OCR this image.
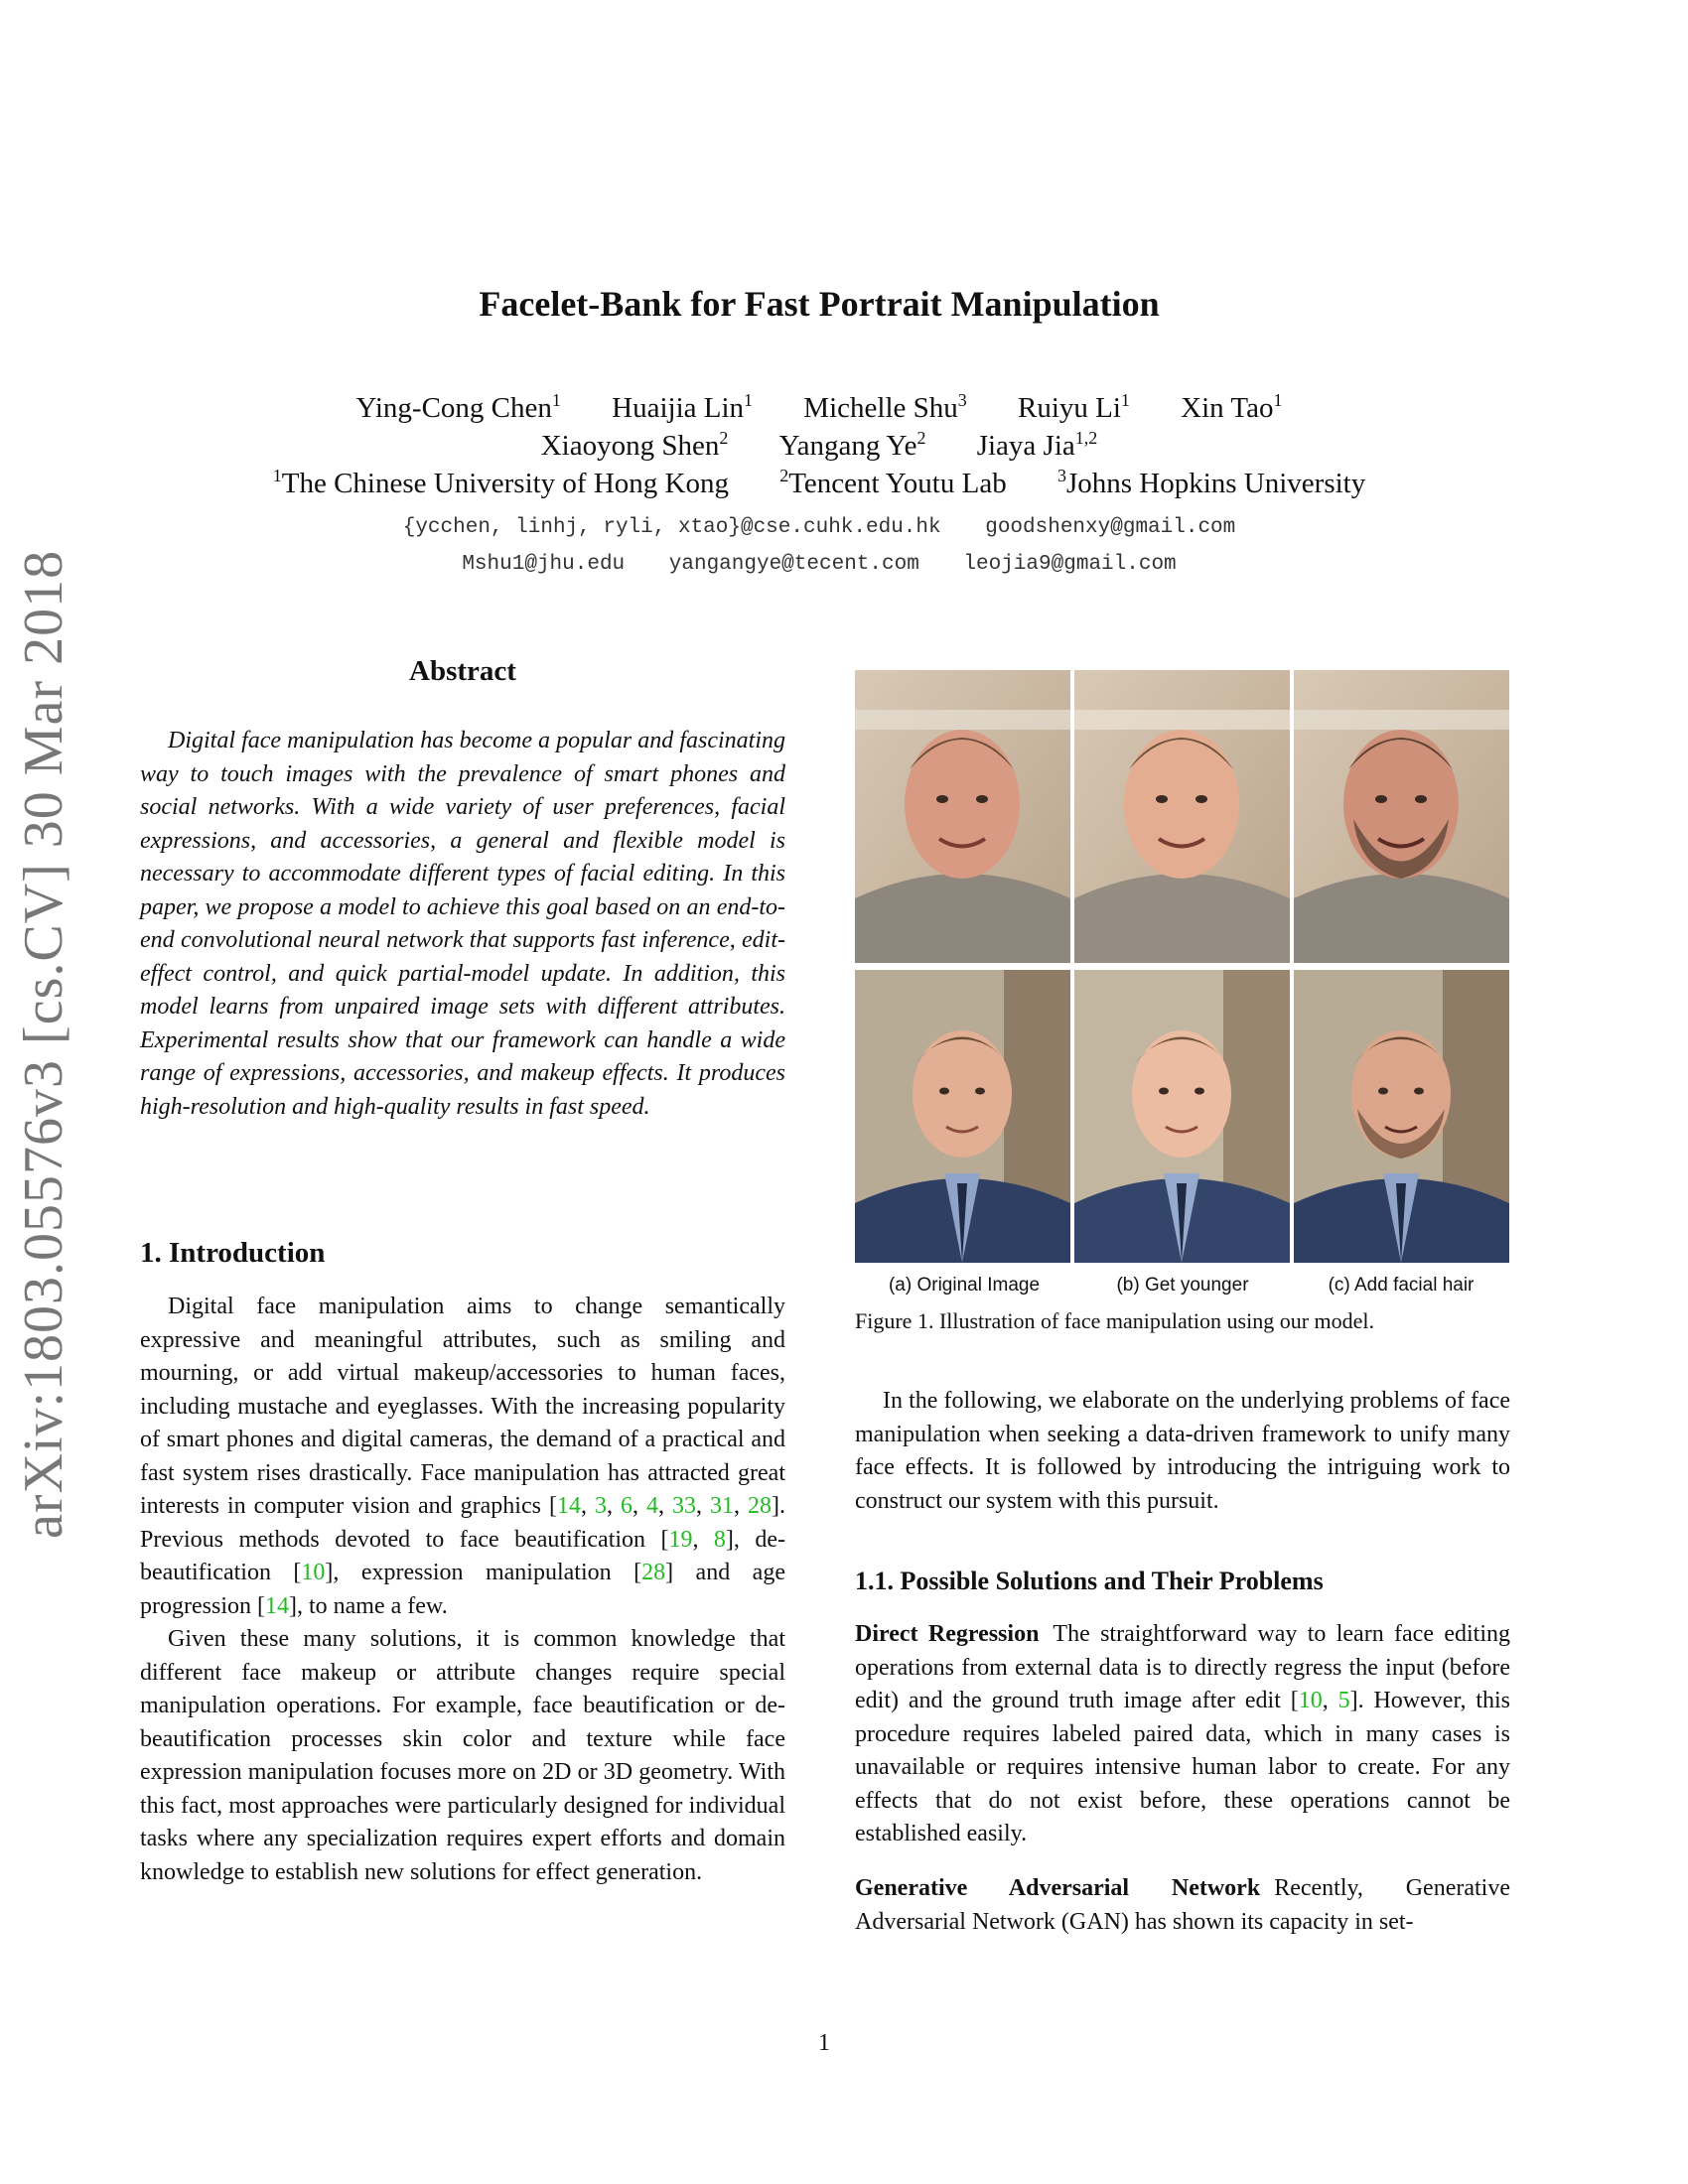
arXiv:1803.05576v3 [cs.CV] 30 Mar 2018
Facelet-Bank for Fast Portrait Manipulation
Ying-Cong Chen$^1$ Huaijia Lin$^1$ Michelle Shu$^3$ Ruiyu Li$^1$ Xin Tao$^1$
Xiaoyong Shen$^2$ Yangang Ye$^2$ Jiaya Jia$^{1,2}$
$^1$The Chinese University of Hong Kong	$^2$Tencent Youtu Lab	$^3$Johns Hopkins University
{ycchen, linhj, ryli, xtao}@cse.cuhk.edu.hk goodshenxy@gmail.com
Mshu1@jhu.edu yangangye@tecent.com leojia9@gmail.com
Abstract

Digital face manipulation has become a popular and fascinating way to touch images with the prevalence of smart phones and social networks. With a wide variety of user preferences, facial expressions, and accessories, a general and flexible model is necessary to accommodate different types of facial editing. In this paper, we propose a model to achieve this goal based on an end-to-end convolutional neural network that supports fast inference, edit-effect control, and quick partial-model update. In addition, this model learns from unpaired image sets with different attributes. Experimental results show that our framework can handle a wide range of expressions, accessories, and makeup effects. It produces high-resolution and high-quality results in fast speed.

1. Introduction

Digital face manipulation aims to change semantically expressive and meaningful attributes, such as smiling and mourning, or add virtual makeup/accessories to human faces, including mustache and eyeglasses. With the increasing popularity of smart phones and digital cameras, the demand of a practical and fast system rises drastically. Face manipulation has attracted great interests in computer vision and graphics [14, 3, 6, 4, 33, 31, 28]. Previous methods devoted to face beautification [19, 8], de-beautification [10], expression manipulation [28] and age progression [14], to name a few.

Given these many solutions, it is common knowledge that different face makeup or attribute changes require special manipulation operations. For example, face beautification or de-beautification processes skin color and texture while face expression manipulation focuses more on 2D or 3D geometry. With this fact, most approaches were particularly designed for individual tasks where any specialization requires expert efforts and domain knowledge to establish new solutions for effect generation.

(a) Original Image	(b) Get younger	(c) Add facial hair
Figure 1. Illustration of face manipulation using our model.

In the following, we elaborate on the underlying problems of face manipulation when seeking a data-driven framework to unify many face effects. It is followed by introducing the intriguing work to construct our system with this pursuit.

1.1. Possible Solutions and Their Problems

Direct Regression The straightforward way to learn face editing operations from external data is to directly regress the input (before edit) and the ground truth image after edit [10, 5]. However, this procedure requires labeled paired data, which in many cases is unavailable or requires intensive human labor to create. For any effects that do not exist before, these operations cannot be established easily.

Generative Adversarial Network Recently, Generative Adversarial Network (GAN) has shown its capacity in set-

1
